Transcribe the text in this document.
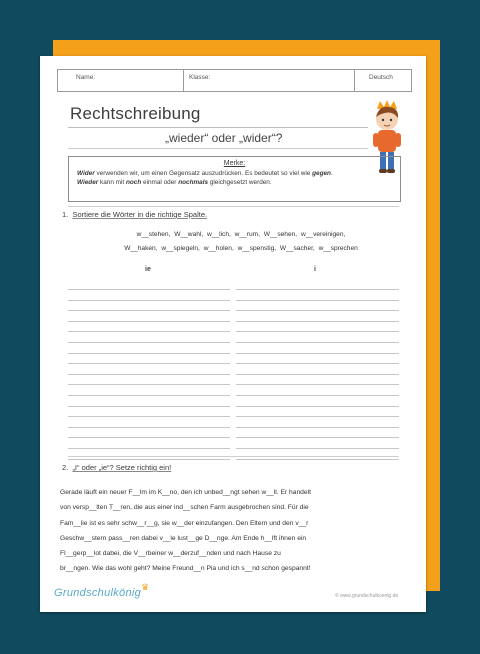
Name:	Klasse:	Deutsch
Rechtschreibung
„wieder“ oder „wider“?
Merke:
Wider verwenden wir, um einen Gegensatz auszudrücken. Es bedeutet so viel wie gegen.
Wieder kann mit noch einmal oder nochmals gleichgesetzt werden.
1. Sortiere die Wörter in die richtige Spalte.
w__stehen, W__wahl, w__lich, w__rum, W__sehen, w__vereinigen,
W__haken, w__spiegeln, w__holen, w__spenstig, W__sacher, w__sprechen
ie	i
2. „I“ oder „ie“? Setze richtig ein!
Gerade läuft ein neuer F__lm im K__no, den ich unbed__ngt sehen w__ll. Er handelt
von versp__lten T__ren, die aus einer ind__schen Farm ausgebrochen sind. Für die
Fam__lie ist es sehr schw__r__g, sie w__der einzufangen. Den Eltern und den v__r
Geschw__stern pass__ren dabei v__le lust__ge D__nge. Am Ende h__lft ihnen ein
Fl__gerp__lot dabei, die V__rbeiner w__derzuf__nden und nach Hause zu
br__ngen. Wie das wohl geht? Meine Freund__n Pia und ich s__nd schon gespannt!
Grundschulkönig♛
© www.grundschulkoenig.de
